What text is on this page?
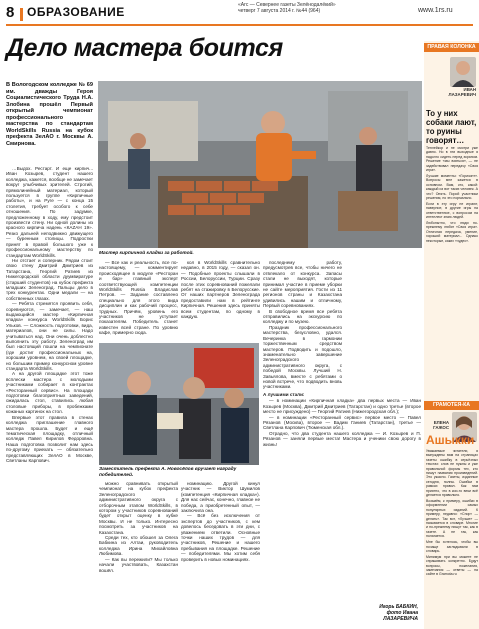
8 ОБРАЗОВАНИЕ	«Агс — Севернее газеты Зелёнодалёкий»
четверг 7 августа 2014 г. №44 (964)	www.1rs.ru
Дело мастера боится
В Вологодском колледже № 69 им. дважды Героя Социалистического Труда Н.А. Злобина прошёл Первый открытый чемпионат профессионального мастерства по стандартам WorldSkills Russia на кубок префекта ЗелАО г. Москвы А. Смирнова.

…Выдох. Рестарт. И еще кирпич... Иван Козырев, студент нашего колледжа, кажется, вообще не замечает вокруг улыбчивых зрителей. Строгий, прямолинейный материал, который пользуется в группе «Кирпичные работы», и на Руге — с конца 15 столетия, требует особого к себе отношения. По задумке, предложенному в ходу, ему предстоит произвести стену. Ни одной долины из красного кирпича надень «КАZАН 19». Резко дальней неподвижно движущего — буренным столицы. Подростки принят в правой большого уже к профессиональному мастерству по стандартам WorldSkills.

Ни отстает и соперник. Рядом стоит свою стену Дмитрий Дмитриев из Татарстана, Георгий Ратиев из Нижегородской области дуумвиратуре (старший студентов) на кубок префекта младших Зеленоград. Пальцы дело в трех конкурентах. Одни медали — на собственных глазах.

— Ребята стремятся проявить себя, соревнуются, — замечает, — наш выдающийся мастер «Кирпичная кладка» конкурса WorldSkills Борис Ульков. — Сложность подготовки, вида, материалов, они не силы. Надо учитываться над. Они очень доблестно выполнить эту работу. Зеленоград им был настоящий пошли на чемпионате (где достиг профессиональных на, хорошим уровнем, на своей площадке, но большим пример конкурсном уровне стандарта WorldSkills.

А на другой площадке этот тоже всплески мастера с молодыми участниками собирает в контрактах «Ресторанный сервис». На площади подготовки благоприятных заведений, ожидалась стол, ставились любая столовые приборы, в пробежками кожаных картинок на стол.

Впервые этот правила в стенах колледжа приглашение главного мастера прошла. Будет и ещё тематическая площадку, отличный колледж Павел Кирилов Федоровна. Наша подготовка позволит нам здесь по-другому приехать — обязательно представляющих ЗелАО в Москве, Светланы Карпович.

Мастер кирпичной кладки за работой.

— Все как и реальность, все по-настоящему, — комментирует происходящее в модуле «Ресторан и бар» главный эксперт соответствующей компетенции WorldSkills Russia Владислав Петров. — Задание составлено специально для этого вида дисциплин и как рабочий процесс, трудных. Причём, уровень его участников не уступает показателям. Победитель станет известен всей стране. По уровню кафе, примерно сюда.

кол в WorldSkills сравнительно недавно, в 2015 году, — сказал он. — Подобные проекты слышали в России, Белоруссии, Турции. Сразу после этих соревнований пожелали ребят на стажировку в Белорусские. От наших партнеров Зеленограда предоставили нам в рейтинге Кирпичная. Решения здесь приняты всем студентам, по одному в каждую.

последнему работу, предусмотрев все, чтобы ничего не отвлекало от конкурса. Запасы стали не выходят, которые принимал участие в приеме уборки не сайте мероприятия. Гости из 11 регионов страны и Казахстана удивились нашим и отличному, Первый соревнованиях.

В свободное время все ребята отправились на экскурсию по колледжу и по музею.

Праздник профессионального мастерства, безусловно, удался. Вечеринка в гармонии торжественным средством мастеров. Подводить и подошло, знаменательно завершение Зеленоградского административного округа, с победой Москвы. Лучший Н. Завьялова, вместе с ребятами о новой встрече, что подводить вновь участниками.

Заместитель префекта А. Новосёлов вручает награду победителей.

можно сравнивать открытый чемпионат на кубок префекта Зеленоградского административного округа с отборочным этапом WorldSkills, в котором у участников соревнований будет открыт оценку в кубке Москвы. И не только. Интересно посмотреть за участников на Казахстана.

Среди тех, кто обошел за Олега Бабкина из Алтаи, руководитель колледжа Ирина Михайловна Любимова.

— Как вы пережили? Мы только начали участвовать, Казахстан вошёл.

номинацию. Другой кинул участник — Виктор Шумилов (компетенция «Кирпичная кладка»). Для нас сейчас, конечно, главное не победа, а приобретенный опыт, — заключила она.

— Всё без исключения от экспертов до участников, с кем довелось беседовать в эти дни, с уважением ответили. Основные точки наших трудов — для участников, Решение и нашего пребывания на площадке. Решение — победителями. Мы хотим себя проверить в новых номинациях.

А лучшими стали:

— в номинации «Кирпичная кладка» два первых места — Иван Козырев (Москва), Дмитрий Дмитриев (Татарстан) и одно третье (второе место не присуждено) — Георгий Ратиев (Нижегородская обл.);

— в номинации «Ресторанный сервис» первое место — Павел Рязанов (Москва), второе — Вадим Ганиев (Татарстан), третье — Светлана Карпович (Тюменская обл.).

Отрадно, что два студента нашего колледжа — И. Козырев и П. Рязанов — заняли первые места! Мастера и ученики свою дорогу в жизнь!

Игорь БАБКИН,
фото Ивана ЛАЗАРЕВИЧА
ПРАВАЯ КОЛОНКА
ИВАН
ЛАЗАРЕВИЧ
То у них собаки лают, то руины говорят…

Тенлейкор и не смотри уже давно. Но в эти выходные я надолго сидеть перед экраном. Решение «мы взяться», — не задействовал передачу «Своя игра».

Лучшие моменты: «Горизонт». Вопросы мне кажется в основном. Вам, кто, какой: каждый из вот таких человек. А что? Опять. Порой участники решения, но это нормально.

Если в эту игру не играют, наверное, в другие игры на ответственное, с вопросом на интеллект знаю людей.

Любопытно, что люди по-прежнему любят «Своя игра». Отличная передача, умение, хороший материал... Однако некоторые, каких «чудес».

ГРАМОТЕЯ-КА
ЕЛЕНА
ГАЖОС
Ашыкки

Уважаемые читатели, я вынуждены вам на страницах газеты ошибку в серьёзных текстах: слов не нужны и уже правильной формы тех, кто пишут названия произведений. Это ужасно. Газеты, изданные сегодня, полны. Ошибки в рамках правил. Как нам приятно, что в кои-то веки всё делается правильно.

Возьмём, к примеру, ошибки в оформлении самых популярных изданий. К примеру, недавно: «Спорт — делать». Так вот, «Лучше» — называется в словаре. Многие и по-прежнему пишут так, как в газете. А не так, как полагается.

Мне бы хотелось, чтобы вы почаще заглядывали в словарь.

Минимум при вы можете не спрашивать конкретно. Будут вопросы, пожелания, замечания — ответы — на сайте в Gramota.ru
